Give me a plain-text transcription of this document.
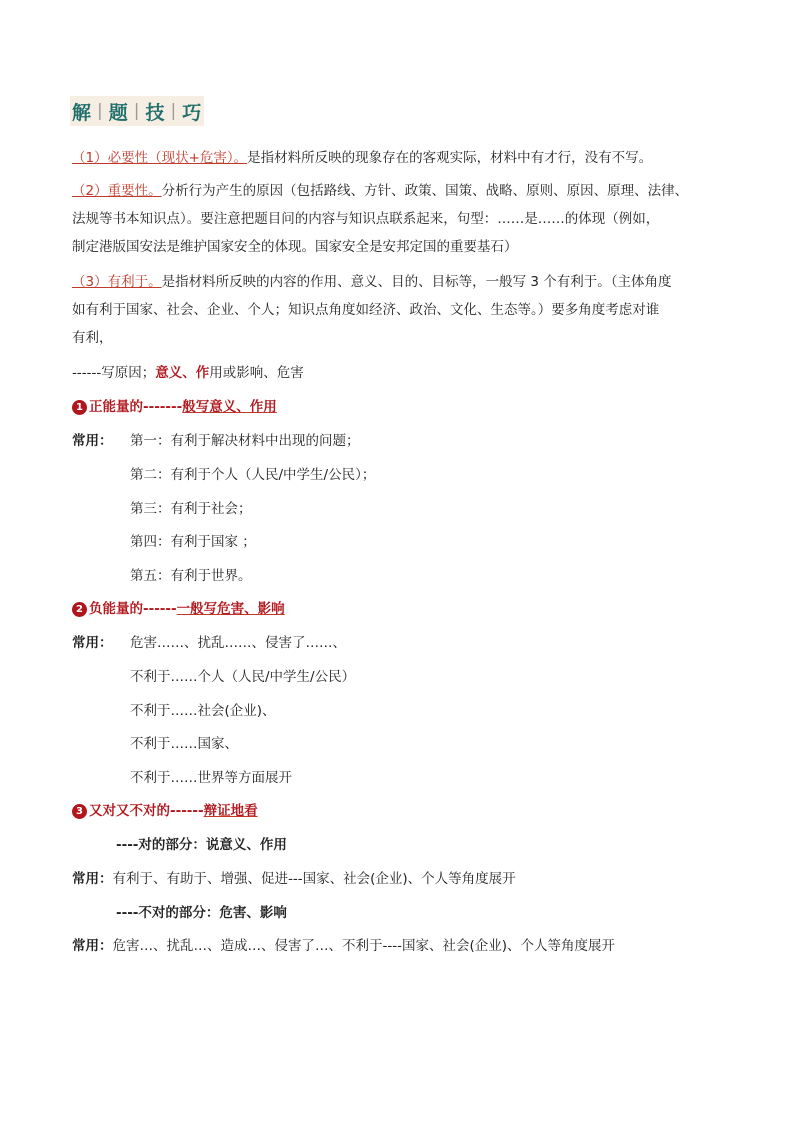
解 | 题 | 技 | 巧
（1）必要性（现状+危害）。是指材料所反映的现象存在的客观实际，材料中有才行，没有不写。
（2）重要性。分析行为产生的原因（包括路线、方针、政策、国策、战略、原则、原因、原理、法律、
法规等书本知识点）。要注意把题目问的内容与知识点联系起来，句型：……是……的体现（例如，
制定港版国安法是维护国家安全的体现。国家安全是安邦定国的重要基石）
（3）有利于。是指材料所反映的内容的作用、意义、目的、目标等，一般写 3 个有利于。（主体角度
如有利于国家、社会、企业、个人；知识点角度如经济、政治、文化、生态等。）要多角度考虑对谁
有利，
------写原因；意义、作用或影响、危害
1 正能量的-------般写意义、作用
常用： 第一：有利于解决材料中出现的问题；
第二：有利于个人（人民/中学生/公民）；
第三：有利于社会；
第四：有利于国家 ；
第五：有利于世界。
2 负能量的------一般写危害、影响
常用： 危害……、扰乱……、侵害了……、
不利于……个人（人民/中学生/公民）
不利于……社会(企业)、
不利于……国家、
不利于……世界等方面展开
3 又对又不对的------辩证地看
----对的部分：说意义、作用
常用：有利于、有助于、增强、促进---国家、社会(企业)、个人等角度展开
----不对的部分：危害、影响
常用：危害…、扰乱…、造成…、侵害了…、不利于----国家、社会(企业)、个人等角度展开
